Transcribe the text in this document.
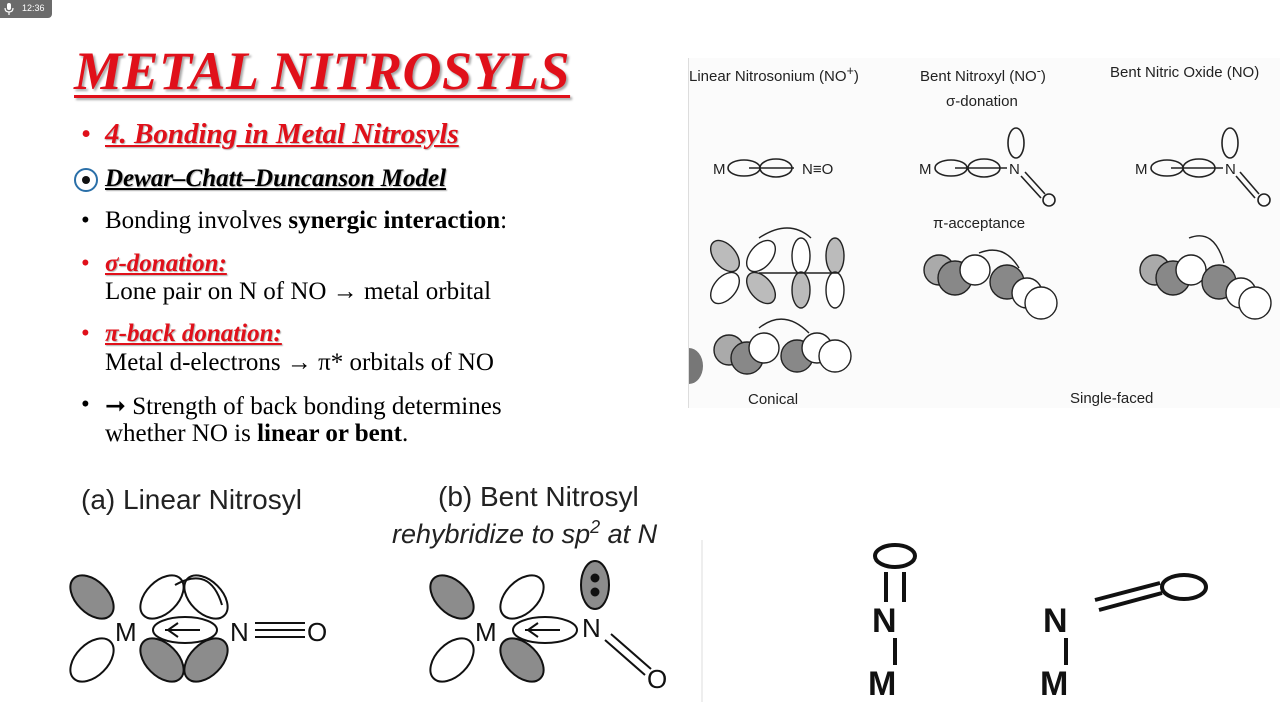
12:36
METAL NITROSYLS
• 4. Bonding in Metal Nitrosyls
Dewar–Chatt–Duncanson Model
• Bonding involves synergic interaction:
• σ-donation:
Lone pair on N of NO → metal orbital
• π-back donation:
Metal d-electrons → π* orbitals of NO
• ➞ Strength of back bonding determines
whether NO is linear or bent.
Linear Nitrosonium (NO+)	Bent Nitroxyl (NO-)	Bent Nitric Oxide (NO)
σ-donation
π-acceptance
Conical	Single-faced
M	N≡O	M	N	M	N
(a) Linear Nitrosyl	(b) Bent Nitrosyl
rehybridize to $sp^2$ at N
M	N O	M	N
O
N
M
N
M
